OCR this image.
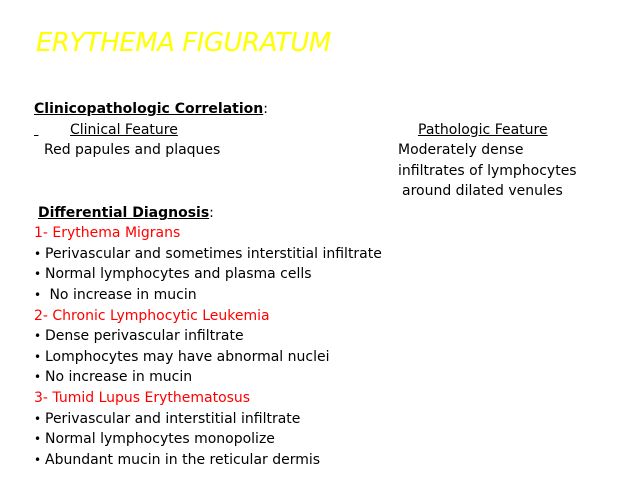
ERYTHEMA FIGURATUM
Clinicopathologic Correlation:

Clinical Feature	Pathologic Feature
Red papules and plaques	Moderately dense
infiltrates of lymphocytes
around dilated venules
Differential Diagnosis:
1- Erythema Migrans
• Perivascular and sometimes interstitial infiltrate
• Normal lymphocytes and plasma cells
• No increase in mucin
2- Chronic Lymphocytic Leukemia
• Dense perivascular infiltrate
• Lomphocytes may have abnormal nuclei
• No increase in mucin
3- Tumid Lupus Erythematosus
• Perivascular and interstitial infiltrate
• Normal lymphocytes monopolize
• Abundant mucin in the reticular dermis
